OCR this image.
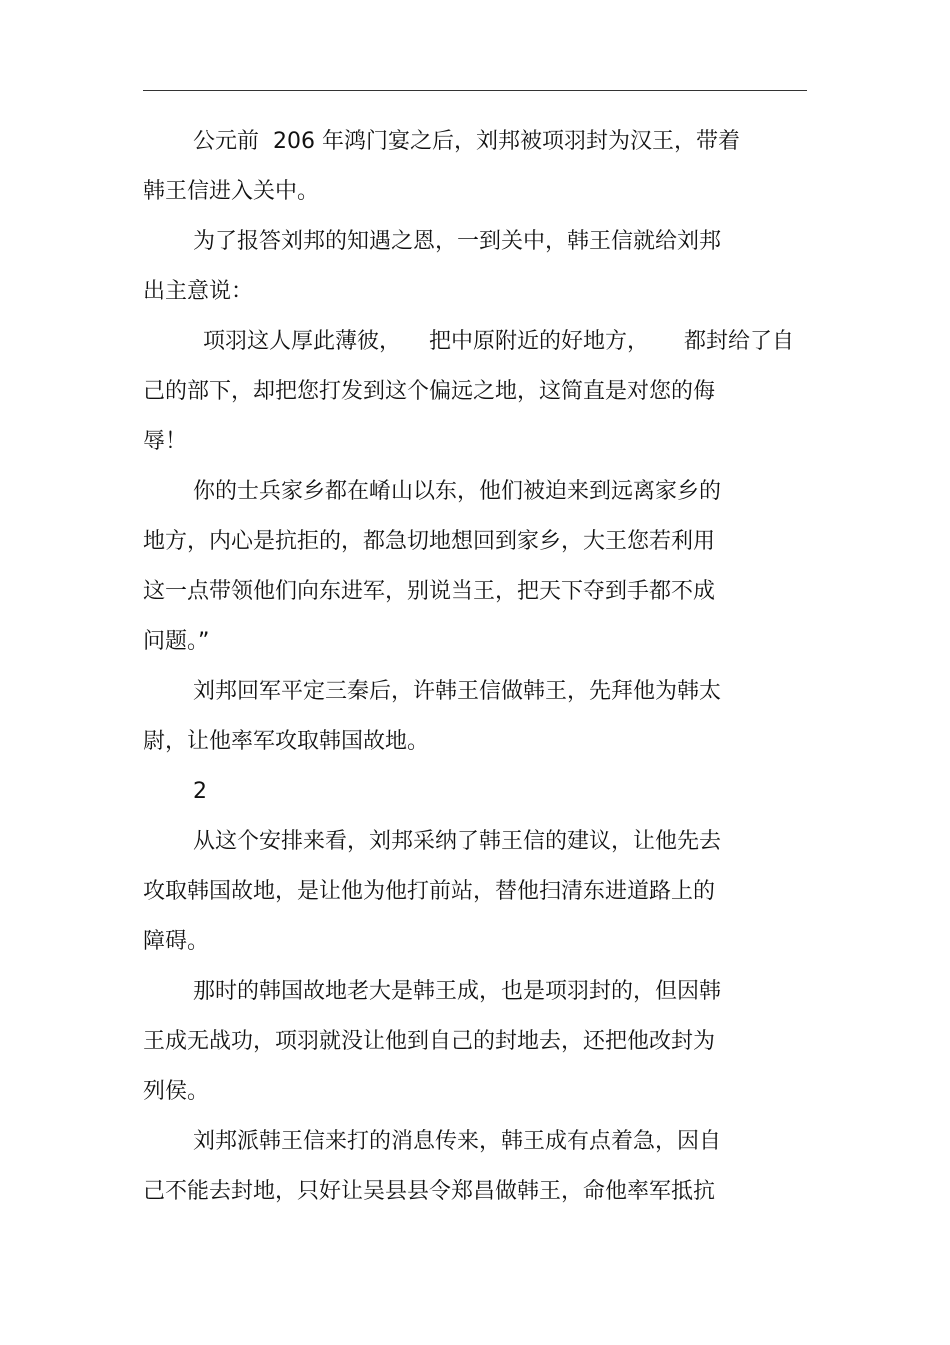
公元前  206 年鸿门宴之后，刘邦被项羽封为汉王，带着
韩王信进入关中。
为了报答刘邦的知遇之恩，一到关中，韩王信就给刘邦
出主意说：
项羽这人厚此薄彼，    把中原附近的好地方，     都封给了自
己的部下，却把您打发到这个偏远之地，这简直是对您的侮
辱！
你的士兵家乡都在崤山以东，他们被迫来到远离家乡的
地方，内心是抗拒的，都急切地想回到家乡，大王您若利用
这一点带领他们向东进军，别说当王，把天下夺到手都不成
问题。”
刘邦回军平定三秦后，许韩王信做韩王，先拜他为韩太
尉，让他率军攻取韩国故地。
2
从这个安排来看，刘邦采纳了韩王信的建议，让他先去
攻取韩国故地，是让他为他打前站，替他扫清东进道路上的
障碍。
那时的韩国故地老大是韩王成，也是项羽封的，但因韩
王成无战功，项羽就没让他到自己的封地去，还把他改封为
列侯。
刘邦派韩王信来打的消息传来，韩王成有点着急，因自
己不能去封地，只好让吴县县令郑昌做韩王，命他率军抵抗
